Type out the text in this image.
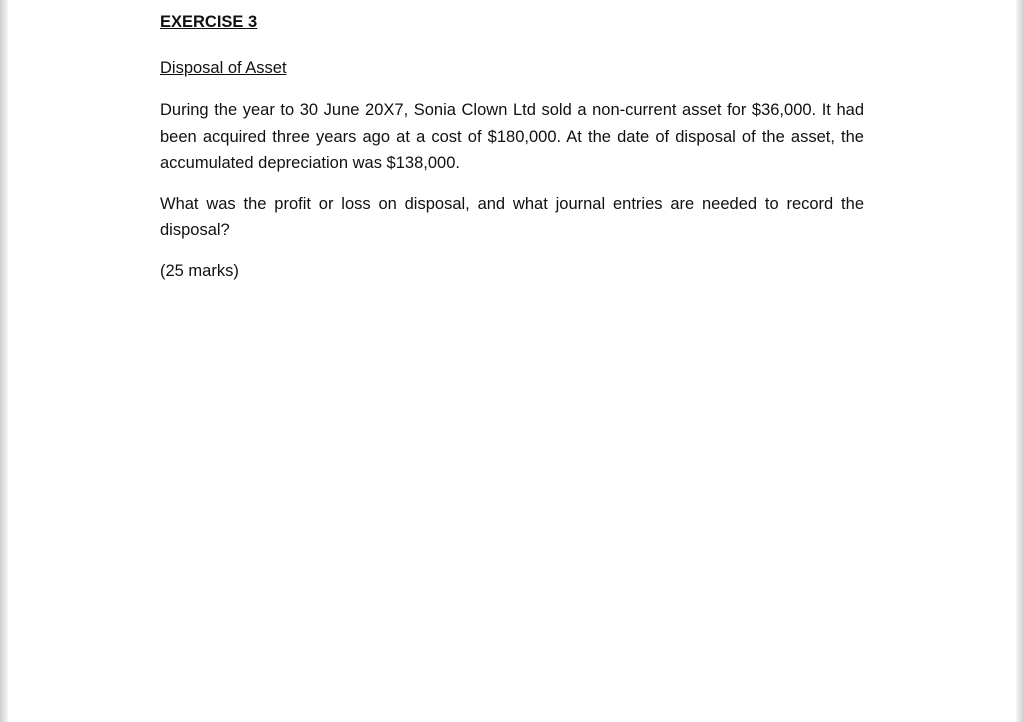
EXERCISE 3
Disposal of Asset

During the year to 30 June 20X7, Sonia Clown Ltd sold a non-current asset for $36,000. It had been acquired three years ago at a cost of $180,000. At the date of disposal of the asset, the accumulated depreciation was $138,000.

What was the profit or loss on disposal, and what journal entries are needed to record the disposal?

(25 marks)
